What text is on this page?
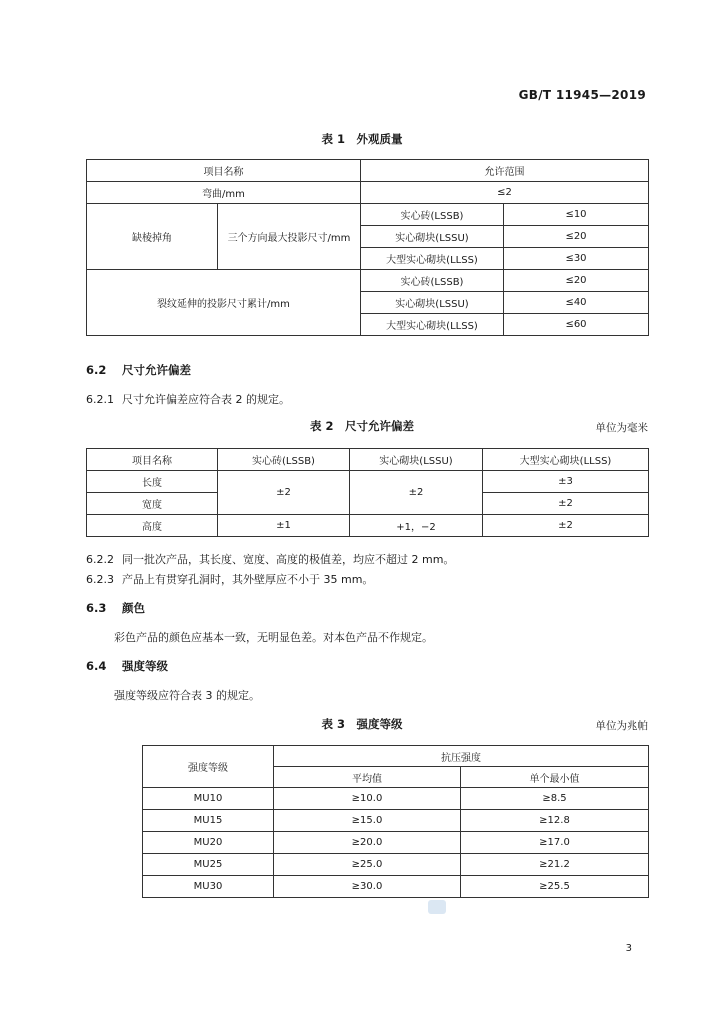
GB/T 11945—2019
表 1　外观质量
项目名称		允许范围	
弯曲/mm		≤2	
缺棱掉角	三个方向最大投影尺寸/mm	实心砖(LSSB)	≤10
		实心砌块(LSSU)	≤20
		大型实心砌块(LLSS)	≤30
裂纹延伸的投影尺寸累计/mm		实心砖(LSSB)	≤20
		实心砌块(LSSU)	≤40
		大型实心砌块(LLSS)	≤60
6.2 尺寸允许偏差
6.2.1 尺寸允许偏差应符合表 2 的规定。
表 2　尺寸允许偏差	单位为毫米
项目名称	实心砖(LSSB)	实心砌块(LSSU)	大型实心砌块(LLSS)
长度	±2	±2	±3
宽度			±2
高度	±1	+1，−2	±2
6.2.2 同一批次产品，其长度、宽度、高度的极值差，均应不超过 2 mm。
6.2.3 产品上有贯穿孔洞时，其外壁厚应不小于 35 mm。
6.3 颜色
彩色产品的颜色应基本一致，无明显色差。对本色产品不作规定。
6.4 强度等级
强度等级应符合表 3 的规定。
表 3　强度等级	单位为兆帕
强度等级	抗压强度	
	平均值	单个最小值
MU10	≥10.0	≥8.5
MU15	≥15.0	≥12.8
MU20	≥20.0	≥17.0
MU25	≥25.0	≥21.2
MU30	≥30.0	≥25.5
3
